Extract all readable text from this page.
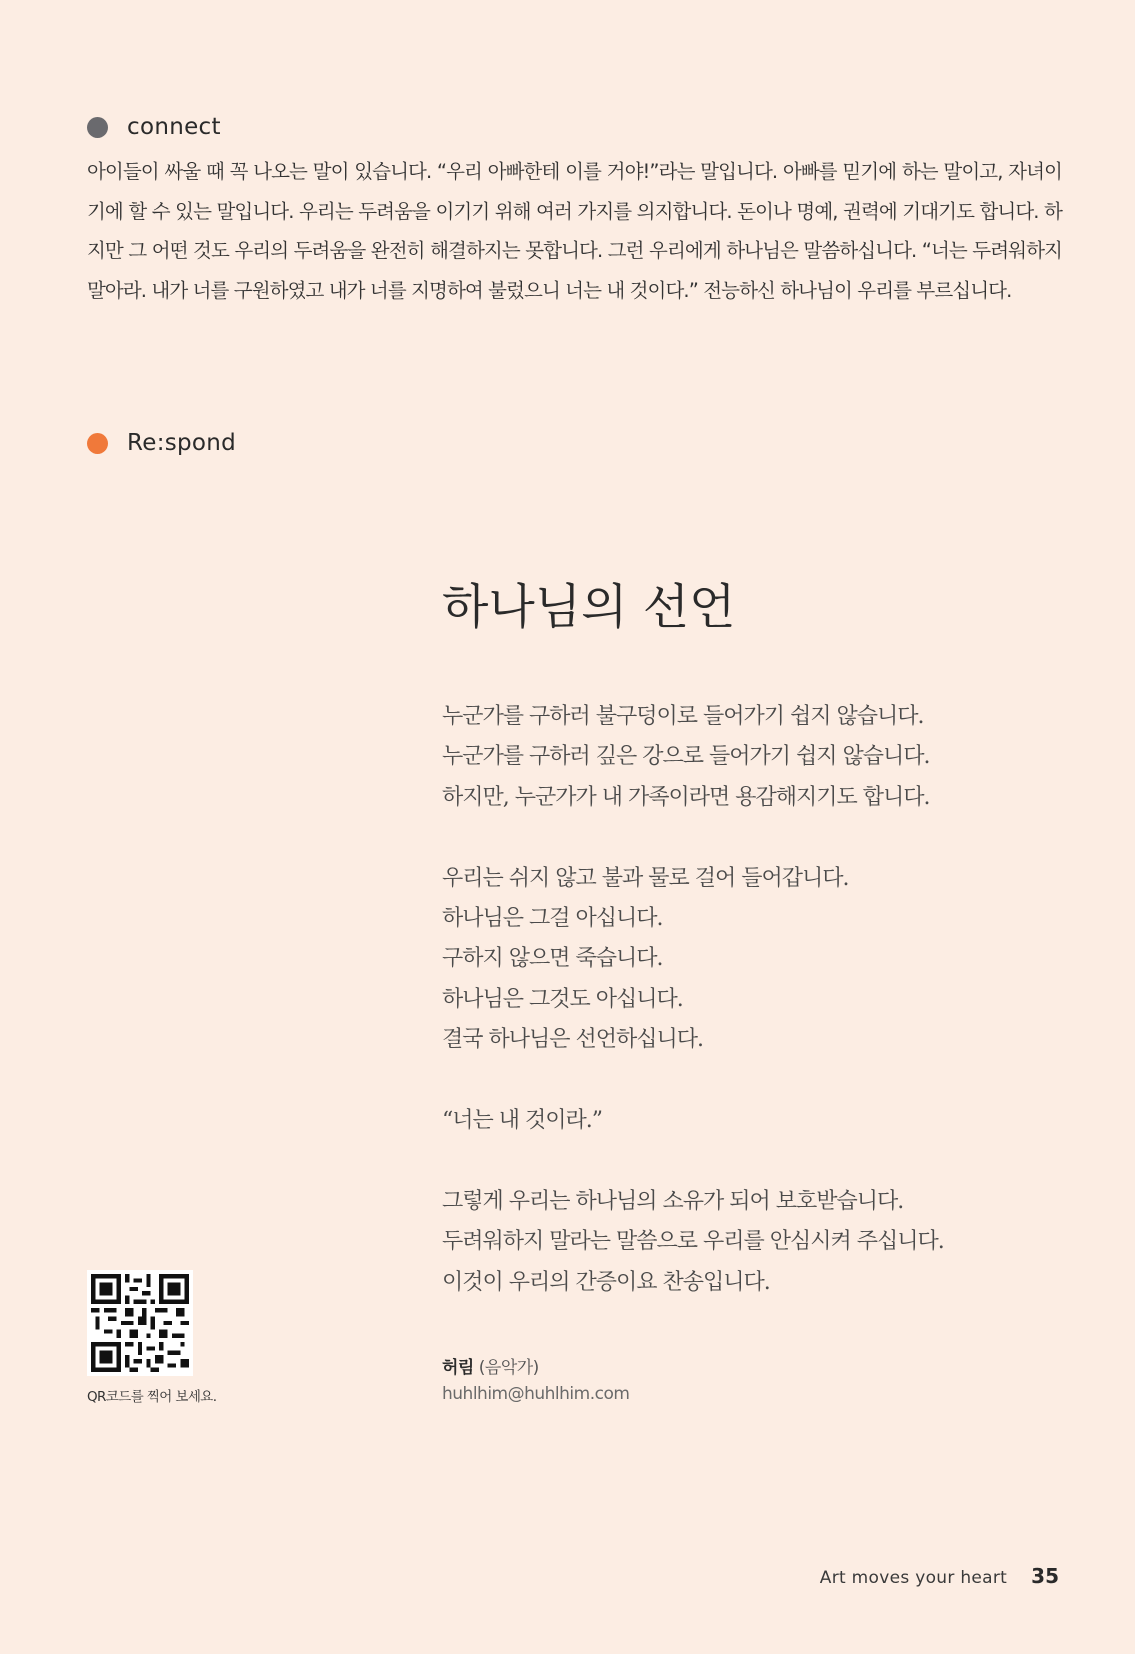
connect
아이들이 싸울 때 꼭 나오는 말이 있습니다. “우리 아빠한테 이를 거야!”라는 말입니다. 아빠를 믿기에 하는 말이고, 자녀이기에 할 수 있는 말입니다. 우리는 두려움을 이기기 위해 여러 가지를 의지합니다. 돈이나 명예, 권력에 기대기도 합니다. 하지만 그 어떤 것도 우리의 두려움을 완전히 해결하지는 못합니다. 그런 우리에게 하나님은 말씀하십니다. “너는 두려워하지 말아라. 내가 너를 구원하였고 내가 너를 지명하여 불렀으니 너는 내 것이다.” 전능하신 하나님이 우리를 부르십니다.
Re:spond
하나님의 선언
누군가를 구하러 불구덩이로 들어가기 쉽지 않습니다.
누군가를 구하러 깊은 강으로 들어가기 쉽지 않습니다.
하지만, 누군가가 내 가족이라면 용감해지기도 합니다.
우리는 쉬지 않고 불과 물로 걸어 들어갑니다.
하나님은 그걸 아십니다.
구하지 않으면 죽습니다.
하나님은 그것도 아십니다.
결국 하나님은 선언하십니다.
“너는 내 것이라.”
그렇게 우리는 하나님의 소유가 되어 보호받습니다.
두려워하지 말라는 말씀으로 우리를 안심시켜 주십니다.
이것이 우리의 간증이요 찬송입니다.
QR코드를 찍어 보세요.
허림 (음악가)
huhlhim@huhlhim.com
Art moves your heart 35
